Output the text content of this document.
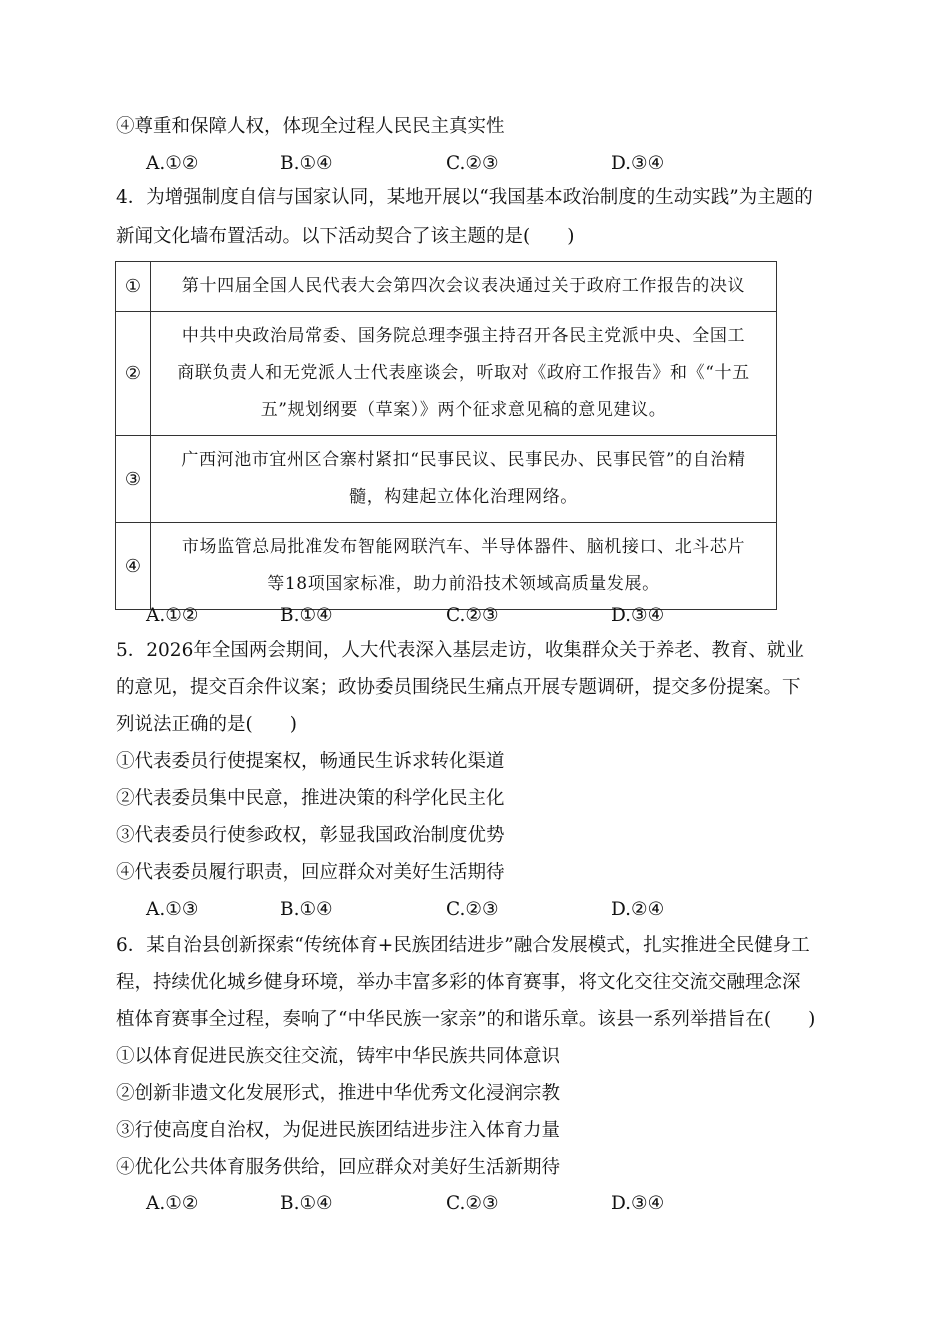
④尊重和保障人权，体现全过程人民民主真实性
A.①②	B.①④	C.②③	D.③④
4．为增强制度自信与国家认同，某地开展以“我国基本政治制度的生动实践”为主题的
新闻文化墙布置活动。以下活动契合了该主题的是(　　)
①	第十四届全国人民代表大会第四次会议表决通过关于政府工作报告的决议
②	中共中央政治局常委、国务院总理李强主持召开各民主党派中央、全国工
商联负责人和无党派人士代表座谈会，听取对《政府工作报告》和《“十五
五”规划纲要（草案）》两个征求意见稿的意见建议。
③	广西河池市宜州区合寨村紧扣“民事民议、民事民办、民事民管”的自治精
髓，构建起立体化治理网络。
④	市场监管总局批准发布智能网联汽车、半导体器件、脑机接口、北斗芯片
等18项国家标准，助力前沿技术领域高质量发展。
A.①②	B.①④	C.②③	D.③④
5．2026年全国两会期间，人大代表深入基层走访，收集群众关于养老、教育、就业
的意见，提交百余件议案；政协委员围绕民生痛点开展专题调研，提交多份提案。下
列说法正确的是(　　)
①代表委员行使提案权，畅通民生诉求转化渠道
②代表委员集中民意，推进决策的科学化民主化
③代表委员行使参政权，彰显我国政治制度优势
④代表委员履行职责，回应群众对美好生活期待
A.①③	B.①④	C.②③	D.②④
6．某自治县创新探索“传统体育+民族团结进步”融合发展模式，扎实推进全民健身工
程，持续优化城乡健身环境，举办丰富多彩的体育赛事，将文化交往交流交融理念深
植体育赛事全过程，奏响了“中华民族一家亲”的和谐乐章。该县一系列举措旨在(　　)
①以体育促进民族交往交流，铸牢中华民族共同体意识
②创新非遗文化发展形式，推进中华优秀文化浸润宗教
③行使高度自治权，为促进民族团结进步注入体育力量
④优化公共体育服务供给，回应群众对美好生活新期待
A.①②	B.①④	C.②③	D.③④
